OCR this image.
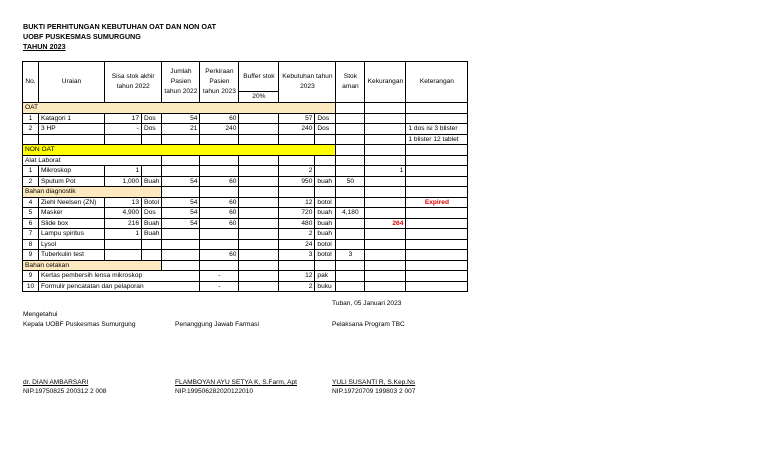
BUKTI PERHITUNGAN KEBUTUHAN OAT DAN NON OAT
UOBF PUSKESMAS SUMURGUNG
TAHUN 2023
No.	Uraian	Sisa stok akhir tahun 2022		Jumlah Pasien tahun 2022	Perkiraan Pasien tahun 2023	Buffer stok	Kebutuhan tahun 2023		Stok aman	Kekurangan	Keterangan
						20%					
OAT											
1	Katagori 1	17	Dos	54	60		57	Dos			
2	3 HP	-	Dos	21	240		240	Dos			1 dos isi 3 blister
											1 blister 12 tablet
NON OAT											
Alat Laborat											
1	Mikroskop	1					2			1	
2	Sputum Pot	1,000	Buah	54	60		950	buah	50		
Bahan diagnostik											
4	Ziehl Neelsen (ZN)	13	Botol	54	60		12	botol			Expired
5	Masker	4,900	Dos	54	60		720	buah	4,180		
6	Slide box	216	Buah	54	60		480	buah		264	
7	Lampu spiritus	1	Buah				2	buah			
8	Lysol						24	botol			
9	Tuberkulin test				60		3	botol	3		
Bahan cetakan											
9	Kertas pembersih lensa mikroskop				-		12	pak			
10	Formulir pencatatan dan pelaporan				-		2	buku			
Tuban, 05 Januari 2023
Mengetahui
Kepala UOBF Puskesmas Sumurgung	Penanggung Jawab Farmasi	Pelaksana Program TBC
dr. DIAN AMBARSARI	FLAMBOYAN AYU SETYA K, S.Farm, Apt	YULI SUSANTI R, S.Kep.Ns
NIP.19750825 200312 2 008	NIP.199506282020122010	NIP.19720709 199803 2 007
